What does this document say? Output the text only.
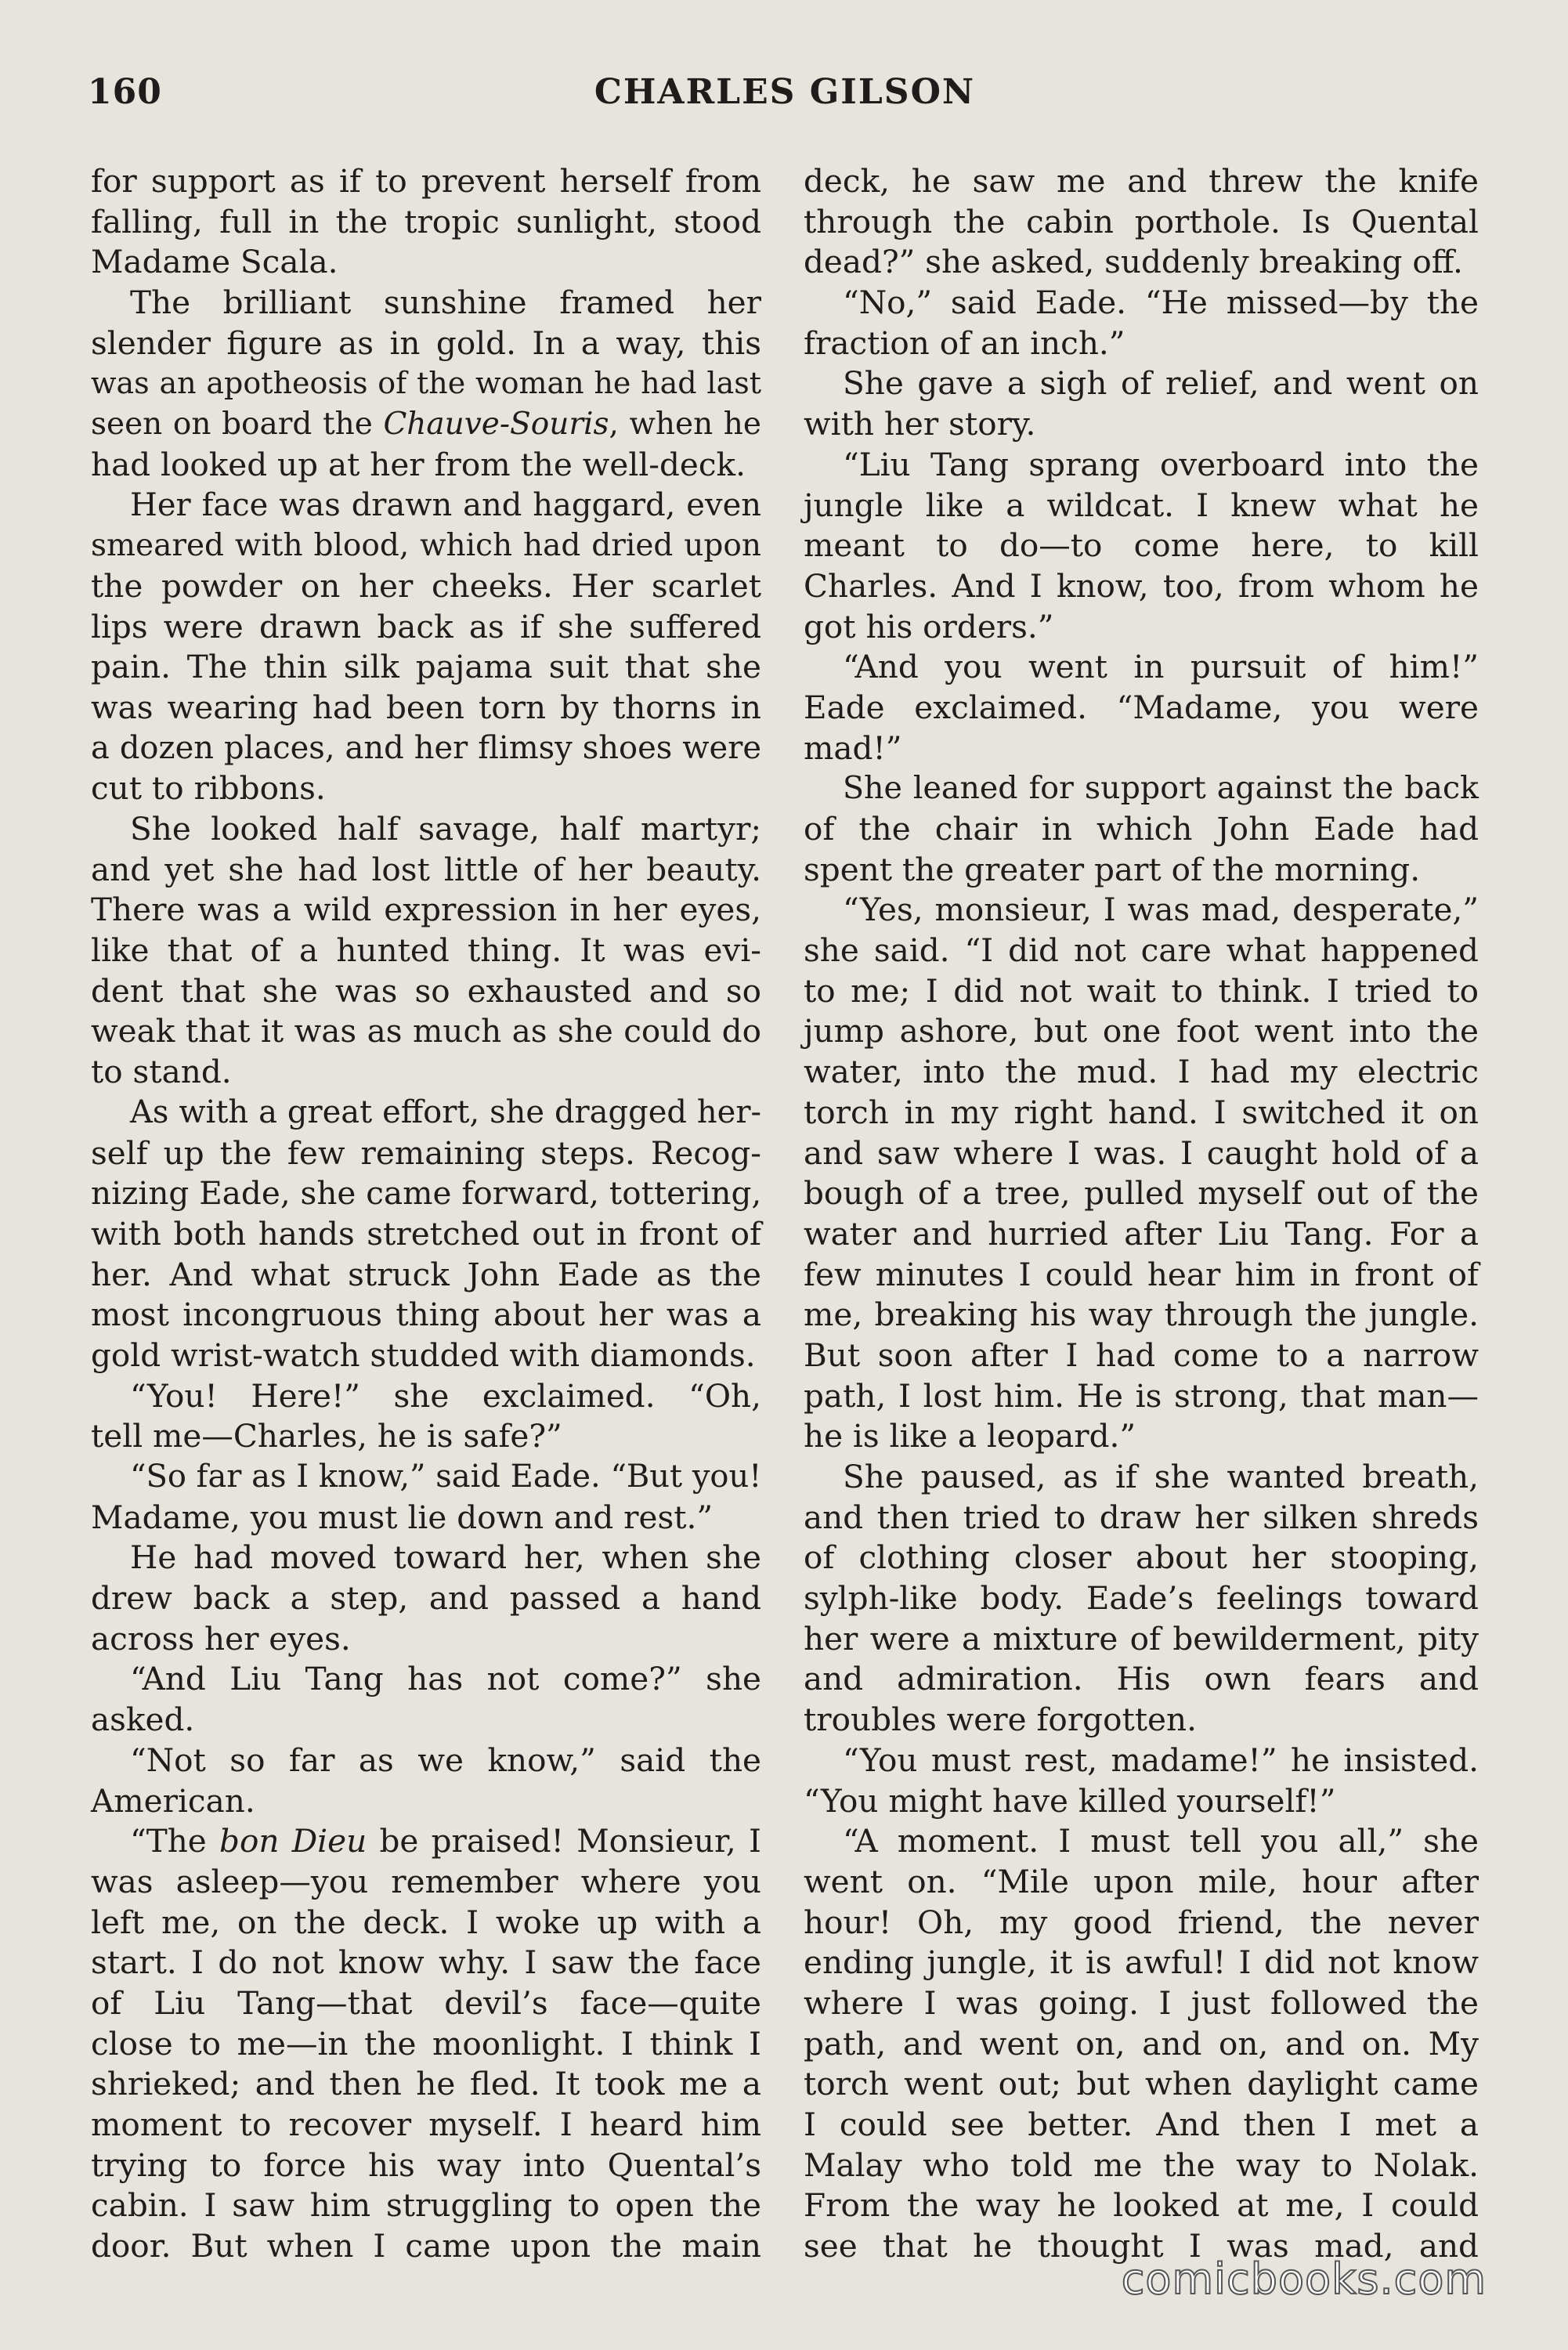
160	CHARLES GILSON
for support as if to prevent herself from
falling, full in the tropic sunlight, stood
Madame Scala.
The brilliant sunshine framed her
slender figure as in gold. In a way, this
was an apotheosis of the woman he had last
seen on board the Chauve-Souris, when he
had looked up at her from the well-deck.
Her face was drawn and haggard, even
smeared with blood, which had dried upon
the powder on her cheeks. Her scarlet
lips were drawn back as if she suffered
pain. The thin silk pajama suit that she
was wearing had been torn by thorns in
a dozen places, and her flimsy shoes were
cut to ribbons.
She looked half savage, half martyr;
and yet she had lost little of her beauty.
There was a wild expression in her eyes,
like that of a hunted thing. It was evi-
dent that she was so exhausted and so
weak that it was as much as she could do
to stand.
As with a great effort, she dragged her-
self up the few remaining steps. Recog-
nizing Eade, she came forward, tottering,
with both hands stretched out in front of
her. And what struck John Eade as the
most incongruous thing about her was a
gold wrist-watch studded with diamonds.
“You! Here!” she exclaimed. “Oh,
tell me—Charles, he is safe?”
“So far as I know,” said Eade. “But you!
Madame, you must lie down and rest.”
He had moved toward her, when she
drew back a step, and passed a hand
across her eyes.
“And Liu Tang has not come?” she
asked.
“Not so far as we know,” said the
American.
“The bon Dieu be praised! Monsieur, I
was asleep—you remember where you
left me, on the deck. I woke up with a
start. I do not know why. I saw the face
of Liu Tang—that devil’s face—quite
close to me—in the moonlight. I think I
shrieked; and then he fled. It took me a
moment to recover myself. I heard him
trying to force his way into Quental’s
cabin. I saw him struggling to open the
door. But when I came upon the main
deck, he saw me and threw the knife
through the cabin porthole. Is Quental
dead?” she asked, suddenly breaking off.
“No,” said Eade. “He missed—by the
fraction of an inch.”
She gave a sigh of relief, and went on
with her story.
“Liu Tang sprang overboard into the
jungle like a wildcat. I knew what he
meant to do—to come here, to kill
Charles. And I know, too, from whom he
got his orders.”
“And you went in pursuit of him!”
Eade exclaimed. “Madame, you were
mad!”
She leaned for support against the back
of the chair in which John Eade had
spent the greater part of the morning.
“Yes, monsieur, I was mad, desperate,”
she said. “I did not care what happened
to me; I did not wait to think. I tried to
jump ashore, but one foot went into the
water, into the mud. I had my electric
torch in my right hand. I switched it on
and saw where I was. I caught hold of a
bough of a tree, pulled myself out of the
water and hurried after Liu Tang. For a
few minutes I could hear him in front of
me, breaking his way through the jungle.
But soon after I had come to a narrow
path, I lost him. He is strong, that man—
he is like a leopard.”
She paused, as if she wanted breath,
and then tried to draw her silken shreds
of clothing closer about her stooping,
sylph-like body. Eade’s feelings toward
her were a mixture of bewilderment, pity
and admiration. His own fears and
troubles were forgotten.
“You must rest, madame!” he insisted.
“You might have killed yourself!”
“A moment. I must tell you all,” she
went on. “Mile upon mile, hour after
hour! Oh, my good friend, the never
ending jungle, it is awful! I did not know
where I was going. I just followed the
path, and went on, and on, and on. My
torch went out; but when daylight came
I could see better. And then I met a
Malay who told me the way to Nolak.
From the way he looked at me, I could
see that he thought I was mad, and
comicbooks.com
